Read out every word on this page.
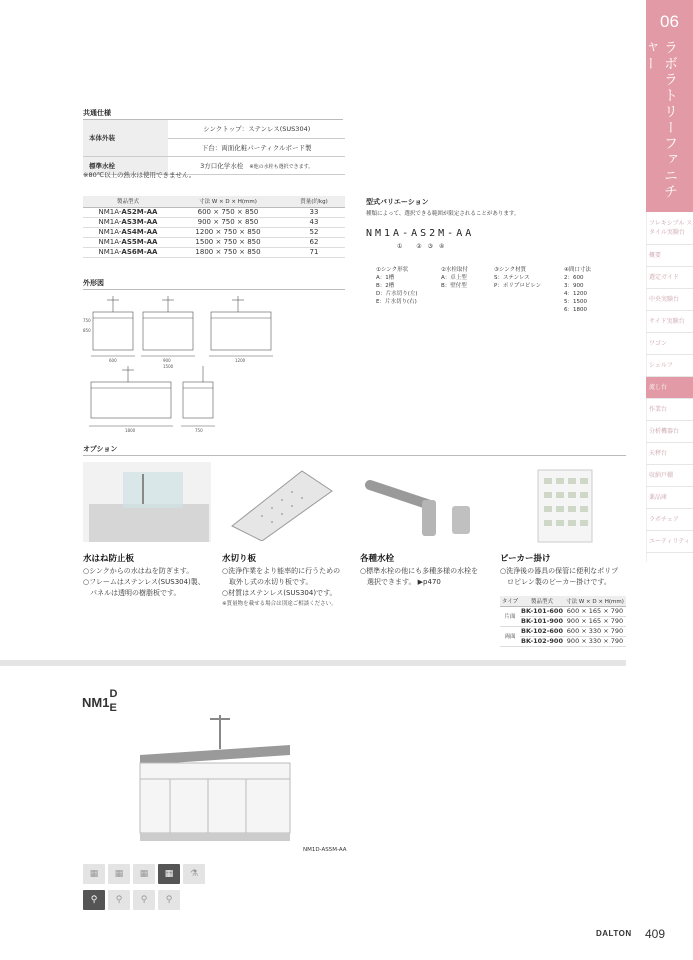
06
ラボラトリーファニチャー
フレキシブル スタイル実験台
概要
選定ガイド
中央実験台
サイド実験台
ワゴン
シェルフ
流し台
作業台
分析機器台
天秤台
収納戸棚
薬品庫
ラボチェア
ユーティリティ
共通仕様
本体外装	シンクトップ：ステンレス(SUS304)
	下台：両面化粧パーティクルボード製
標準水栓	3方口化学水栓 ※他の水栓も選択できます。
※80℃以上の熱水は使用できません。
製品型式	寸法 W × D × H(mm)	質量(約kg)
NM1A-AS2M-AA	600 × 750 × 850	33
NM1A-AS3M-AA	900 × 750 × 850	43
NM1A-AS4M-AA	1200 × 750 × 850	52
NM1A-AS5M-AA	1500 × 750 × 850	62
NM1A-AS6M-AA	1800 × 750 × 850	71
型式バリエーション
種類によって、選択できる範囲が限定されることがあります。
NM1A-AS2M-AA
① ②③④
①シンク形状
A：1槽
B：2槽
D：片水切り(左)
E：片水切り(右)
②水栓取付
A：卓上型
B：壁付型
③シンク材質
S：ステンレス
P：ポリプロピレン
④間口寸法
2：600
3：900
4：1200
5：1500
6：1800
外形図
600	900	1200
1500
1800	750
850
750
オプション
水はね防止板
○シンクからの水はねを防ぎます。
○フレームはステンレス(SUS304)製、
　パネルは透明の樹脂板です。
水切り板
○洗浄作業をより能率的に行うための
　取外し式の水切り板です。
○材質はステンレス(SUS304)です。
※質量物を載せる場合は別途ご相談ください。
各種水栓
○標準水栓の他にも多種多様の水栓を
　選択できます。 ▶p470
ビーカー掛け
○洗浄後の器具の保管に便利なポリプ
　ロピレン製のビーカー掛けです。
タイプ	製品型式	寸法 W × D × H(mm)
片面	BK-101-600	600 × 165 × 790
	BK-101-900	900 × 165 × 790
両面	BK-102-600	600 × 330 × 790
	BK-102-900	900 × 330 × 790
NM1
D
E
NM1D-AS5M-AA
▦	▦	▦	▦	⚗
⚲	⚲	⚲	⚲
DALTON 409
